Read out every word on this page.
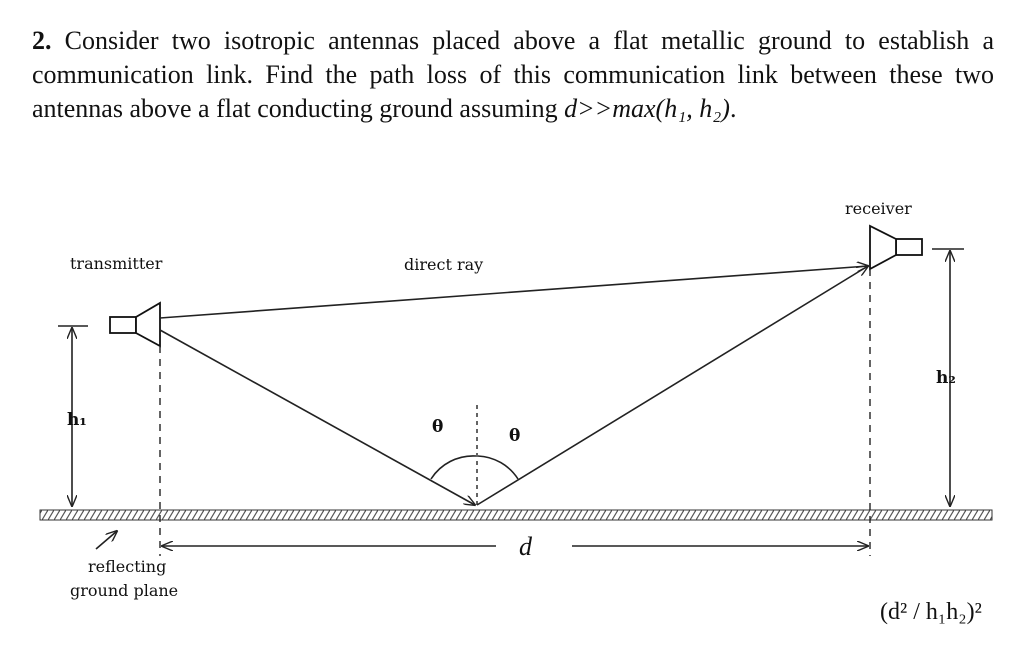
2. Consider two isotropic antennas placed above a flat metallic ground to establish a communication link. Find the path loss of this communication link between these two antennas above a flat conducting ground assuming d>>max(h₁, h₂).
transmitter
receiver
direct ray
h₁
h₂
θ	θ
d
reflecting
ground plane
(d² / h₁h₂)²
